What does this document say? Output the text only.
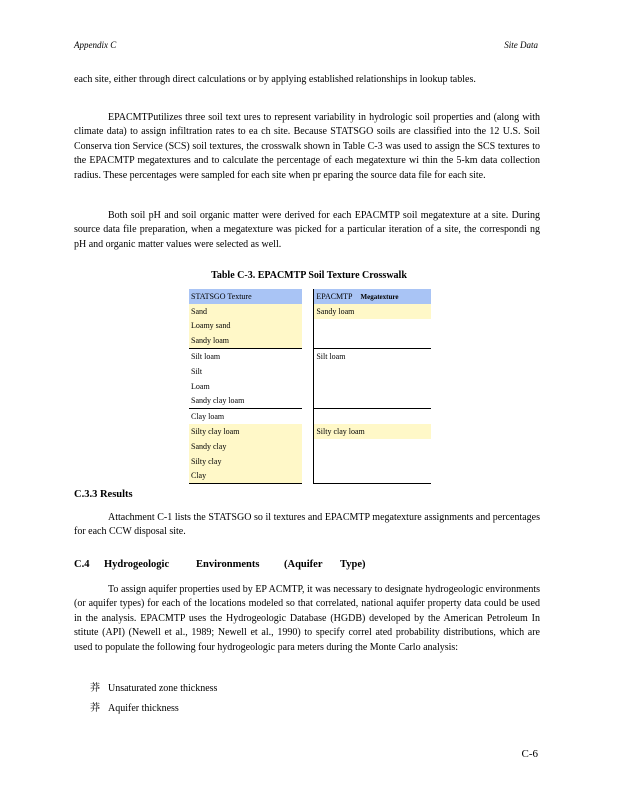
Appendix C	Site Data
each site, either through direct calculations or by applying established relationships in lookup tables.
EPACMTPutilizes three soil text ures to represent variability in hydrologic soil properties and (along with climate data) to assign infiltration rates to ea ch site. Because STATSGO soils are classified into the 12 U.S. Soil Conserva tion Service (SCS) soil textures, the crosswalk shown in Table C-3 was used to assign the SCS textures to the EPACMTP megatextures and to calculate the percentage of each megatexture wi thin the 5-km data collection radius. These percentages were sampled for each site when pr eparing the source data file for each site.
Both soil pH and soil organic matter were derived for each EPACMTP soil megatexture at a site. During source data file preparation, when a megatexture was picked for a particular iteration of a site, the correspondi ng pH and organic matter values were selected as well.
Table C-3. EPACMTP Soil Texture Crosswalk
STATSGO Texture		EPACMTP Megatexture
Sand		Sandy loam
Loamy sand		
Sandy loam		
Silt loam		Silt loam
Silt		
Loam		
Sandy clay loam		
Clay loam		
Silty clay loam		Silty clay loam
Sandy clay		
Silty clay		
Clay		
C.3.3 Results
Attachment C-1 lists the STATSGO so il textures and EPACMTP megatexture assignments and percentages for each CCW disposal site.
C.4 Hydrogeologic	Environments (Aquifer Type)
To assign aquifer properties used by EP ACMTP, it was necessary to designate hydrogeologic environments (or aquifer types) for each of the locations modeled so that correlated, national aquifer property data could be used in the analysis. EPACMTP uses the Hydrogeologic Database (HGDB) developed by the American Petroleum In stitute (API) (Newell et al., 1989; Newell et al., 1990) to specify correl ated probability distributions, which are used to populate the following four hydrogeologic para meters during the Monte Carlo analysis:
莽 Unsaturated zone thickness
莽 Aquifer thickness
C-6
